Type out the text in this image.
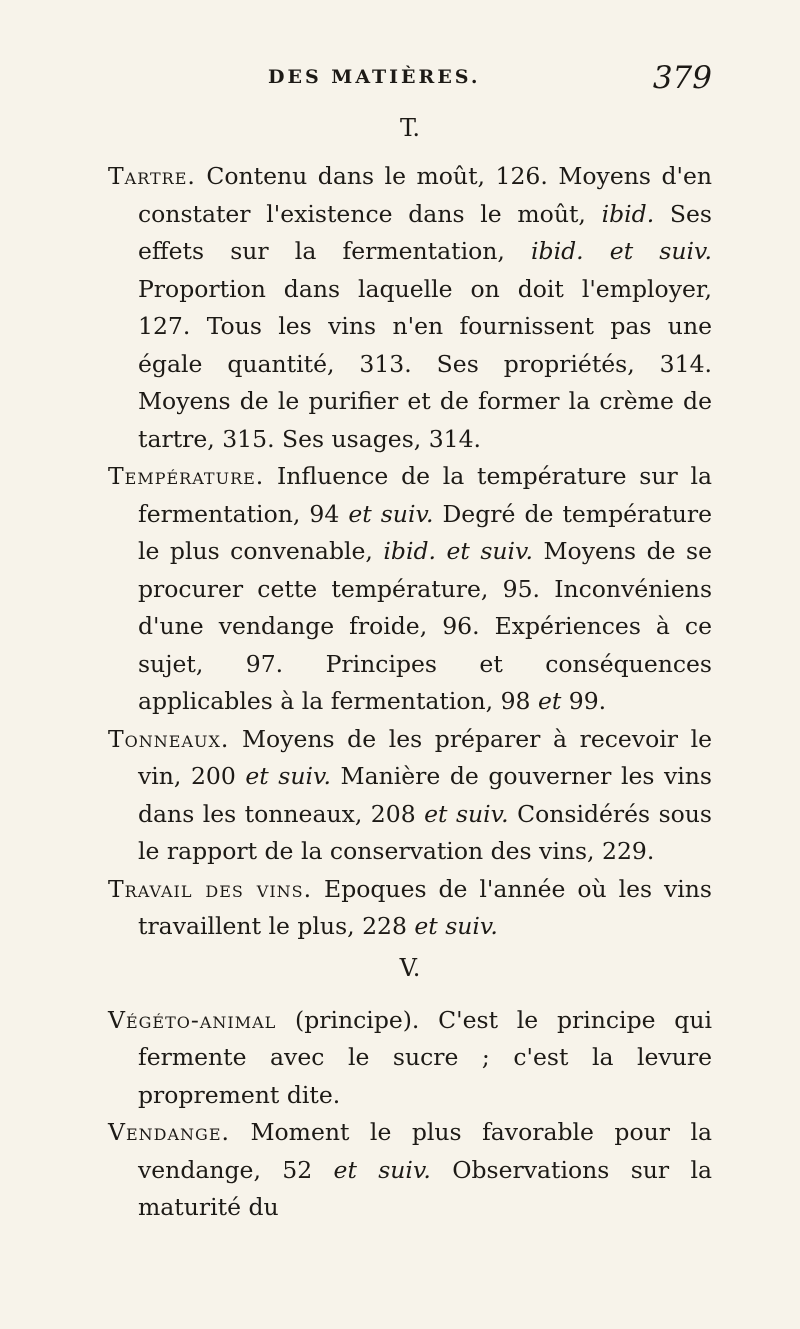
DES MATIÈRES.	379

T.

Tartre. Contenu dans le moût, 126. Moyens d'en constater l'existence dans le moût, ibid. Ses effets sur la fermentation, ibid. et suiv. Proportion dans laquelle on doit l'employer, 127. Tous les vins n'en fournissent pas une égale quantité, 313. Ses propriétés, 314. Moyens de le purifier et de former la crème de tartre, 315. Ses usages, 314.

Température. Influence de la température sur la fermentation, 94 et suiv. Degré de température le plus convenable, ibid. et suiv. Moyens de se procurer cette température, 95. Inconvéniens d'une vendange froide, 96. Expériences à ce sujet, 97. Principes et conséquences applicables à la fermentation, 98 et 99.

Tonneaux. Moyens de les préparer à recevoir le vin, 200 et suiv. Manière de gouverner les vins dans les tonneaux, 208 et suiv. Considérés sous le rapport de la conservation des vins, 229.

Travail des vins. Epoques de l'année où les vins travaillent le plus, 228 et suiv.

V.

Végéto-animal (principe). C'est le principe qui fermente avec le sucre ; c'est la levure proprement dite.

Vendange. Moment le plus favorable pour la vendange, 52 et suiv. Observations sur la maturité du
